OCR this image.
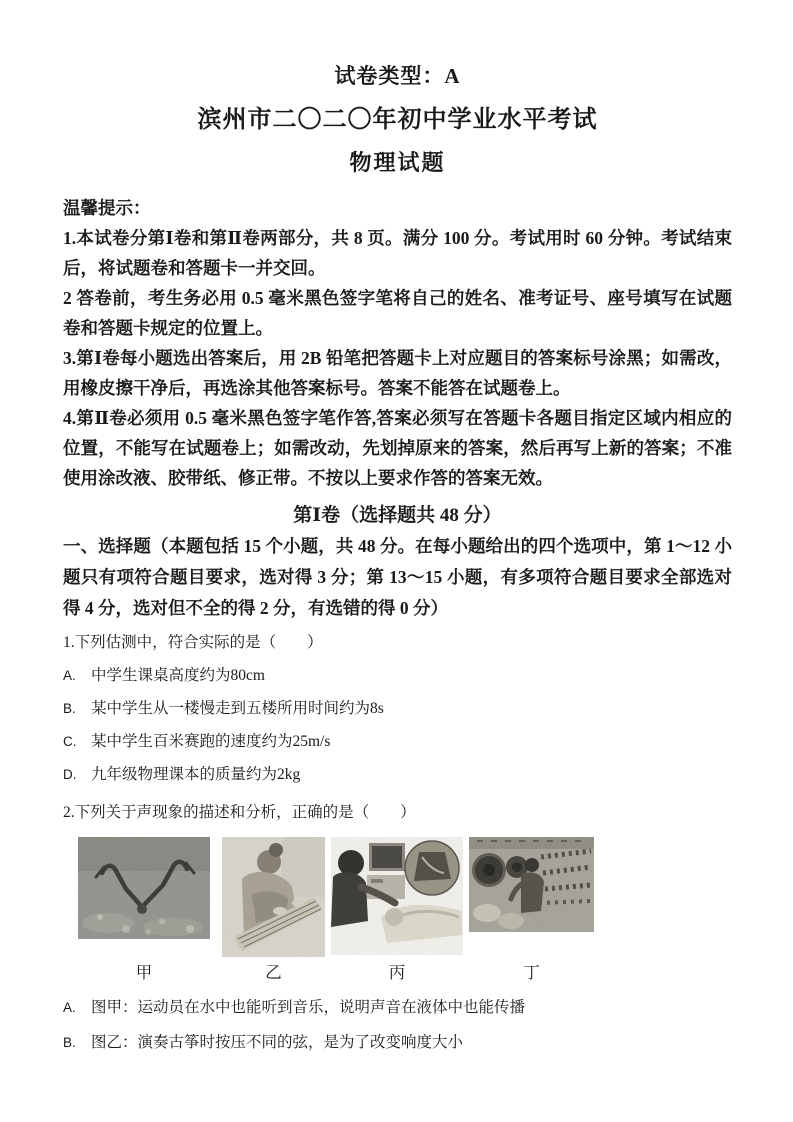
试卷类型：A
滨州市二〇二〇年初中学业水平考试
物理试题
温馨提示：

1.本试卷分第Ⅰ卷和第Ⅱ卷两部分，共 8 页。满分 100 分。考试用时 60 分钟。考试结束后，将试题卷和答题卡一并交回。

2 答卷前，考生务必用 0.5 毫米黑色签字笔将自己的姓名、准考证号、座号填写在试题卷和答题卡规定的位置上。

3.第Ⅰ卷每小题选出答案后，用 2B 铅笔把答题卡上对应题目的答案标号涂黑；如需改，用橡皮擦干净后，再选涂其他答案标号。答案不能答在试题卷上。

4.第Ⅱ卷必须用 0.5 毫米黑色签字笔作答,答案必须写在答题卡各题目指定区域内相应的位置，不能写在试题卷上；如需改动，先划掉原来的答案，然后再写上新的答案；不准使用涂改液、胶带纸、修正带。不按以上要求作答的答案无效。

第Ⅰ卷（选择题共 48 分）

一、选择题（本题包括 15 个小题，共 48 分。在每小题给出的四个选项中，第 1～12 小题只有项符合题目要求，选对得 3 分；第 13～15 小题，有多项符合题目要求全部选对得 4 分，选对但不全的得 2 分，有选错的得 0 分）

1.下列估测中，符合实际的是（　　）

A. 中学生课桌高度约为80cm
B. 某中学生从一楼慢走到五楼所用时间约为8s
C. 某中学生百米赛跑的速度约为25m/s
D. 九年级物理课本的质量约为2kg

2.下列关于声现象的描述和分析，正确的是（　　）

甲	乙	丙	丁
A. 图甲：运动员在水中也能听到音乐，说明声音在液体中也能传播
B. 图乙：演奏古筝时按压不同的弦，是为了改变响度大小
